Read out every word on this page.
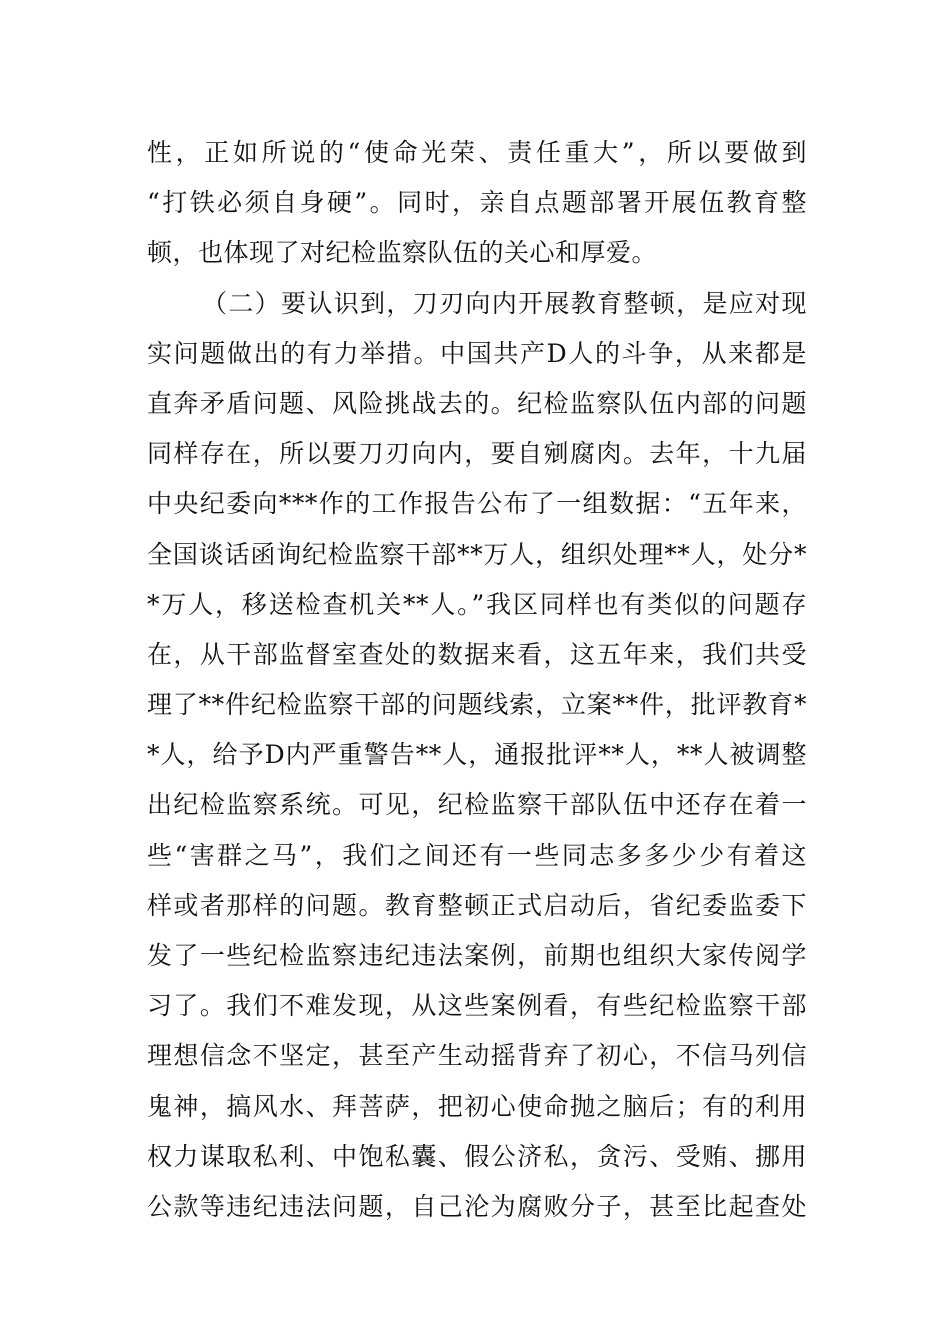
性，正如所说的“使命光荣、责任重大”，所以要做到
“打铁必须自身硬”。同时，亲自点题部署开展伍教育整
顿，也体现了对纪检监察队伍的关心和厚爱。
（二）要认识到，刀刃向内开展教育整顿，是应对现
实问题做出的有力举措。中国共产D人的斗争，从来都是
直奔矛盾问题、风险挑战去的。纪检监察队伍内部的问题
同样存在，所以要刀刃向内，要自剜腐肉。去年，十九届
中央纪委向***作的工作报告公布了一组数据：“五年来，
全国谈话函询纪检监察干部**万人，组织处理**人，处分*
*万人，移送检查机关**人。”我区同样也有类似的问题存
在，从干部监督室查处的数据来看，这五年来，我们共受
理了**件纪检监察干部的问题线索，立案**件，批评教育*
*人，给予D内严重警告**人，通报批评**人，**人被调整
出纪检监察系统。可见，纪检监察干部队伍中还存在着一
些“害群之马”，我们之间还有一些同志多多少少有着这
样或者那样的问题。教育整顿正式启动后，省纪委监委下
发了一些纪检监察违纪违法案例，前期也组织大家传阅学
习了。我们不难发现，从这些案例看，有些纪检监察干部
理想信念不坚定，甚至产生动摇背弃了初心，不信马列信
鬼神，搞风水、拜菩萨，把初心使命抛之脑后；有的利用
权力谋取私利、中饱私囊、假公济私，贪污、受贿、挪用
公款等违纪违法问题，自己沦为腐败分子，甚至比起查处
